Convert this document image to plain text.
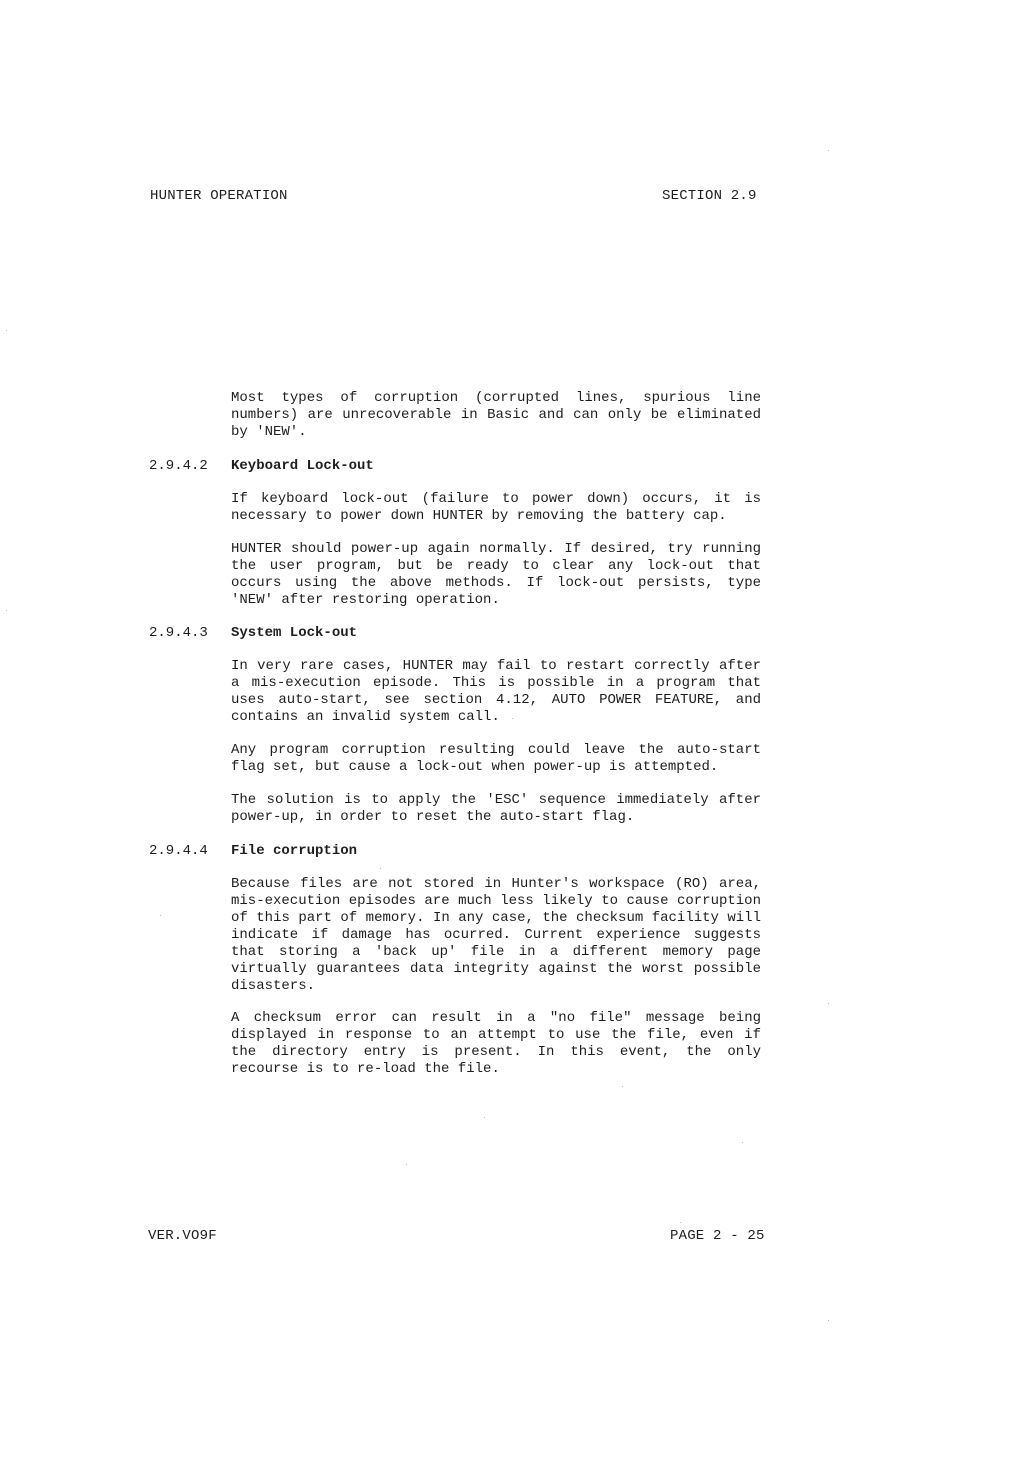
HUNTER OPERATION	SECTION 2.9
Most types of corruption (corrupted lines, spurious line numbers) are unrecoverable in Basic and can only be eliminated by 'NEW'.
2.9.4.2 Keyboard Lock-out
If keyboard lock-out (failure to power down) occurs, it is necessary to power down HUNTER by removing the battery cap.
HUNTER should power-up again normally. If desired, try running the user program, but be ready to clear any lock-out that occurs using the above methods. If lock-out persists, type 'NEW' after restoring operation.
2.9.4.3 System Lock-out
In very rare cases, HUNTER may fail to restart correctly after a mis-execution episode. This is possible in a program that uses auto-start, see section 4.12, AUTO POWER FEATURE, and contains an invalid system call.
Any program corruption resulting could leave the auto-start flag set, but cause a lock-out when power-up is attempted.
The solution is to apply the 'ESC' sequence immediately after power-up, in order to reset the auto-start flag.
2.9.4.4 File corruption
Because files are not stored in Hunter's workspace (RO) area, mis-execution episodes are much less likely to cause corruption of this part of memory. In any case, the checksum facility will indicate if damage has ocurred. Current experience suggests that storing a 'back up' file in a different memory page virtually guarantees data integrity against the worst possible disasters.
A checksum error can result in a "no file" message being displayed in response to an attempt to use the file, even if the directory entry is present. In this event, the only recourse is to re-load the file.
VER.VO9F	PAGE 2 - 25
